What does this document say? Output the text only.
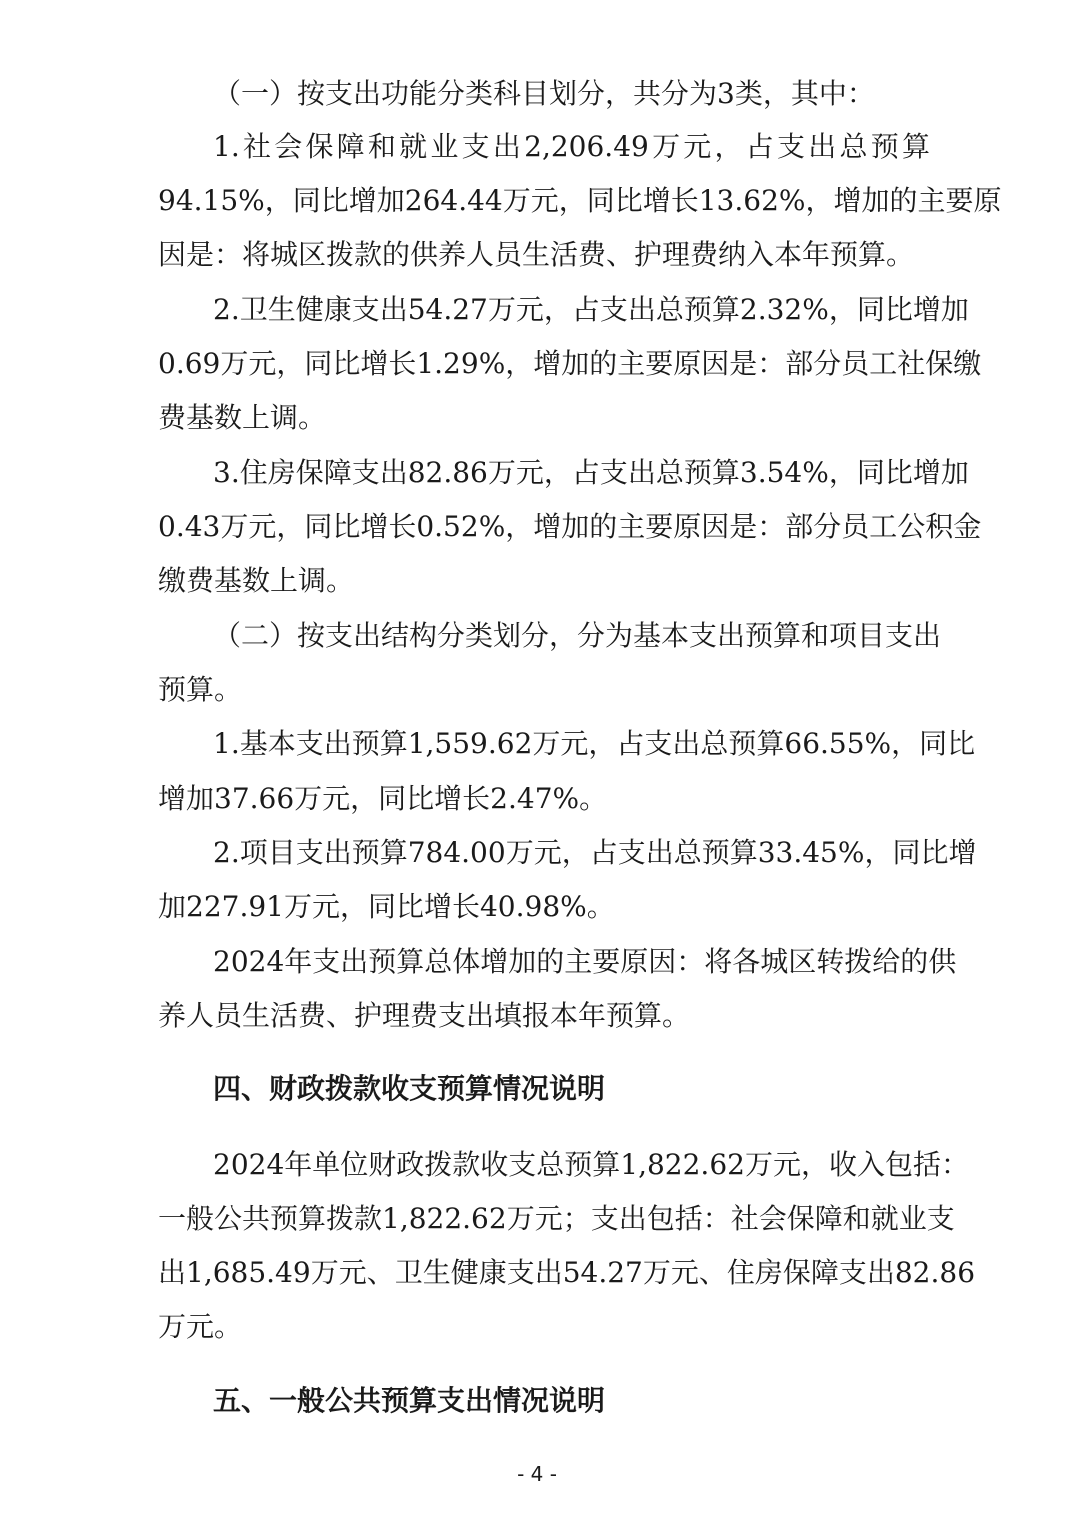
（一）按支出功能分类科目划分，共分为3类，其中：
1.社会保障和就业支出2,206.49万元，占支出总预算
94.15%，同比增加264.44万元，同比增长13.62%，增加的主要原
因是：将城区拨款的供养人员生活费、护理费纳入本年预算。
2.卫生健康支出54.27万元，占支出总预算2.32%，同比增加
0.69万元，同比增长1.29%，增加的主要原因是：部分员工社保缴
费基数上调。
3.住房保障支出82.86万元，占支出总预算3.54%，同比增加
0.43万元，同比增长0.52%，增加的主要原因是：部分员工公积金
缴费基数上调。
（二）按支出结构分类划分，分为基本支出预算和项目支出
预算。
1.基本支出预算1,559.62万元，占支出总预算66.55%，同比
增加37.66万元，同比增长2.47%。
2.项目支出预算784.00万元，占支出总预算33.45%，同比增
加227.91万元，同比增长40.98%。
2024年支出预算总体增加的主要原因：将各城区转拨给的供
养人员生活费、护理费支出填报本年预算。
四、财政拨款收支预算情况说明
2024年单位财政拨款收支总预算1,822.62万元，收入包括：
一般公共预算拨款1,822.62万元；支出包括：社会保障和就业支
出1,685.49万元、卫生健康支出54.27万元、住房保障支出82.86
万元。
五、一般公共预算支出情况说明
- 4 -
